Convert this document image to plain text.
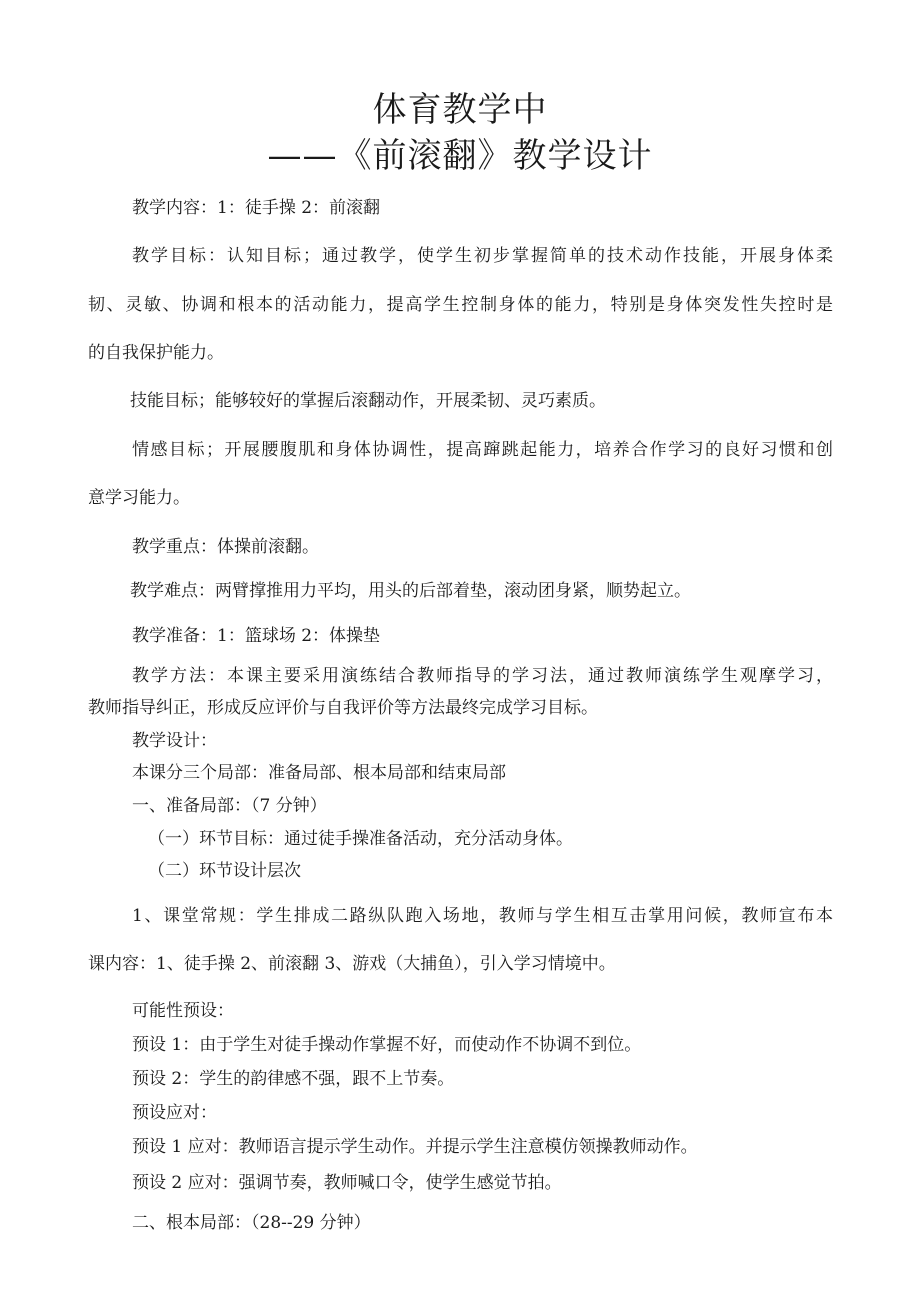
体育教学中
——《前滚翻》教学设计

教学内容：1：徒手操 2：前滚翻

教学目标：认知目标；通过教学，使学生初步掌握简单的技术动作技能，开展身体柔

韧、灵敏、协调和根本的活动能力，提高学生控制身体的能力，特别是身体突发性失控时是

的自我保护能力。

技能目标；能够较好的掌握后滚翻动作，开展柔韧、灵巧素质。

情感目标；开展腰腹肌和身体协调性，提高蹿跳起能力，培养合作学习的良好习惯和创

意学习能力。

教学重点：体操前滚翻。

教学难点：两臂撑推用力平均，用头的后部着垫，滚动团身紧，顺势起立。

教学准备：1：篮球场 2：体操垫

教学方法：本课主要采用演练结合教师指导的学习法，通过教师演练学生观摩学习，

教师指导纠正，形成反应评价与自我评价等方法最终完成学习目标。

教学设计：

本课分三个局部：准备局部、根本局部和结束局部

一、准备局部：（7 分钟）

（一）环节目标：通过徒手操准备活动，充分活动身体。

（二）环节设计层次

1、课堂常规：学生排成二路纵队跑入场地，教师与学生相互击掌用问候，教师宣布本

课内容：1、徒手操 2、前滚翻 3、游戏（大捕鱼），引入学习情境中。

可能性预设：

预设 1：由于学生对徒手操动作掌握不好，而使动作不协调不到位。

预设 2：学生的韵律感不强，跟不上节奏。

预设应对：

预设 1 应对：教师语言提示学生动作。并提示学生注意模仿领操教师动作。

预设 2 应对：强调节奏，教师喊口令，使学生感觉节拍。

二、根本局部：（28--29 分钟）
